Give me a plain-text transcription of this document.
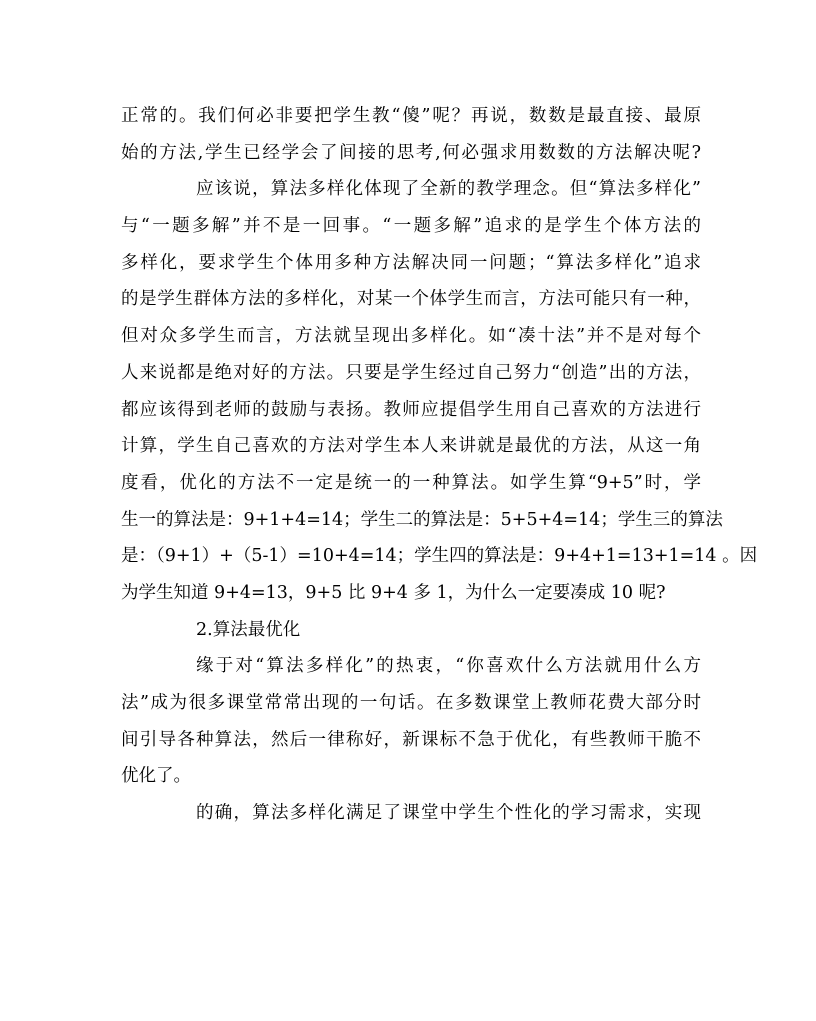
正常的。我们何必非要把学生教“傻”呢？再说，数数是最直接、最原
始的方法,学生已经学会了间接的思考,何必强求用数数的方法解决呢?
应该说，算法多样化体现了全新的教学理念。但“算法多样化”
与“一题多解”并不是一回事。“一题多解”追求的是学生个体方法的
多样化，要求学生个体用多种方法解决同一问题；“算法多样化”追求
的是学生群体方法的多样化，对某一个体学生而言，方法可能只有一种，
但对众多学生而言，方法就呈现出多样化。如“凑十法”并不是对每个
人来说都是绝对好的方法。只要是学生经过自己努力“创造”出的方法，
都应该得到老师的鼓励与表扬。教师应提倡学生用自己喜欢的方法进行
计算，学生自己喜欢的方法对学生本人来讲就是最优的方法，从这一角
度看，优化的方法不一定是统一的一种算法。如学生算“9+5”时，学
生一的算法是：9+1+4=14；学生二的算法是：5+5+4=14；学生三的算法
是：（9+1）+（5-1）=10+4=14；学生四的算法是：9+4+1=13+1=14 。因
为学生知道 9+4=13，9+5 比 9+4 多 1，为什么一定要凑成 10 呢?
2.算法最优化
缘于对“算法多样化”的热衷，“你喜欢什么方法就用什么方
法”成为很多课堂常常出现的一句话。在多数课堂上教师花费大部分时
间引导各种算法，然后一律称好，新课标不急于优化，有些教师干脆不
优化了。
的确，算法多样化满足了课堂中学生个性化的学习需求，实现
